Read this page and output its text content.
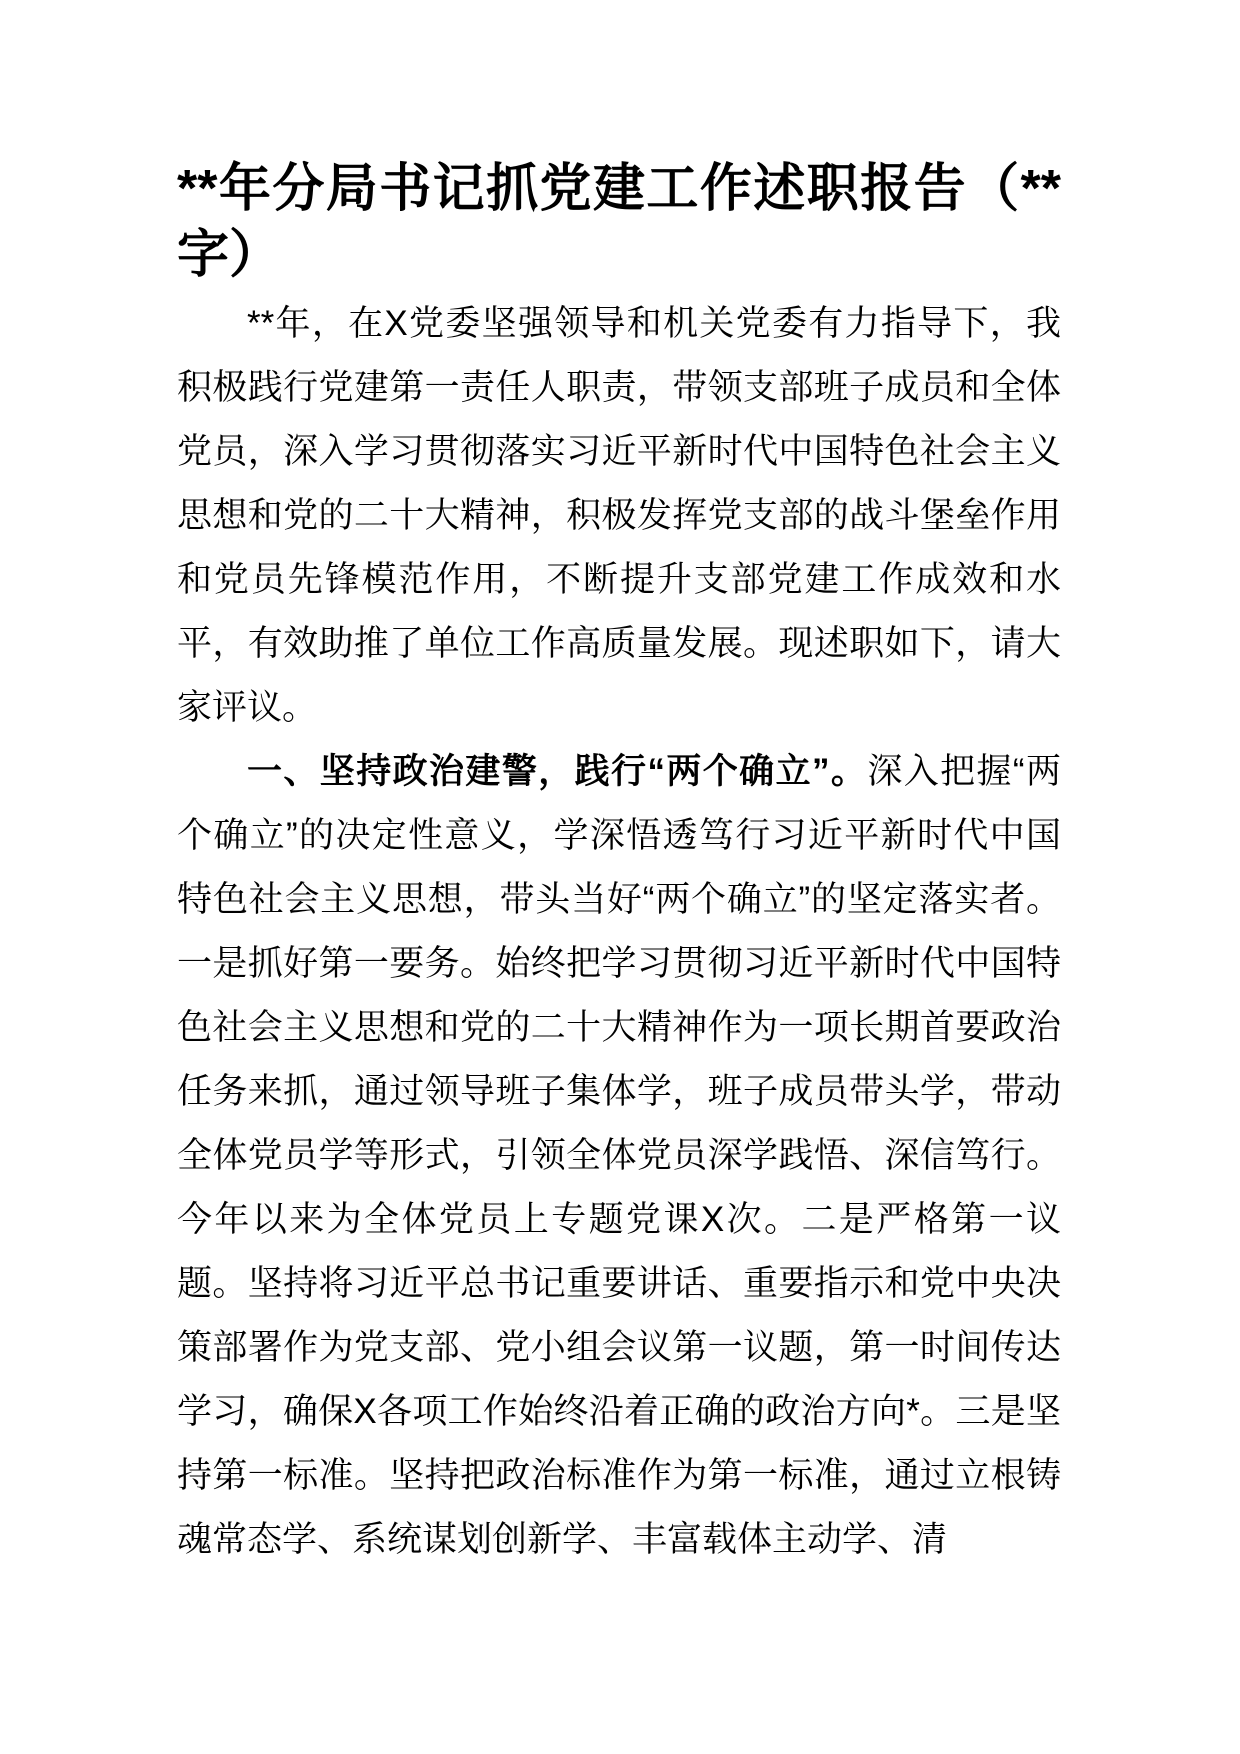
**年分局书记抓党建工作述职报告（**字）

**年，在X党委坚强领导和机关党委有力指导下，我积极践行党建第一责任人职责，带领支部班子成员和全体党员，深入学习贯彻落实习近平新时代中国特色社会主义思想和党的二十大精神，积极发挥党支部的战斗堡垒作用和党员先锋模范作用，不断提升支部党建工作成效和水平，有效助推了单位工作高质量发展。现述职如下，请大家评议。

一、坚持政治建警，践行“两个确立”。深入把握“两个确立”的决定性意义，学深悟透笃行习近平新时代中国特色社会主义思想，带头当好“两个确立”的坚定落实者。一是抓好第一要务。始终把学习贯彻习近平新时代中国特色社会主义思想和党的二十大精神作为一项长期首要政治任务来抓，通过领导班子集体学，班子成员带头学，带动全体党员学等形式，引领全体党员深学践悟、深信笃行。今年以来为全体党员上专题党课X次。二是严格第一议题。坚持将习近平总书记重要讲话、重要指示和党中央决策部署作为党支部、党小组会议第一议题，第一时间传达学习，确保X各项工作始终沿着正确的政治方向*。三是坚持第一标准。坚持把政治标准作为第一标准，通过立根铸魂常态学、系统谋划创新学、丰富载体主动学、清
